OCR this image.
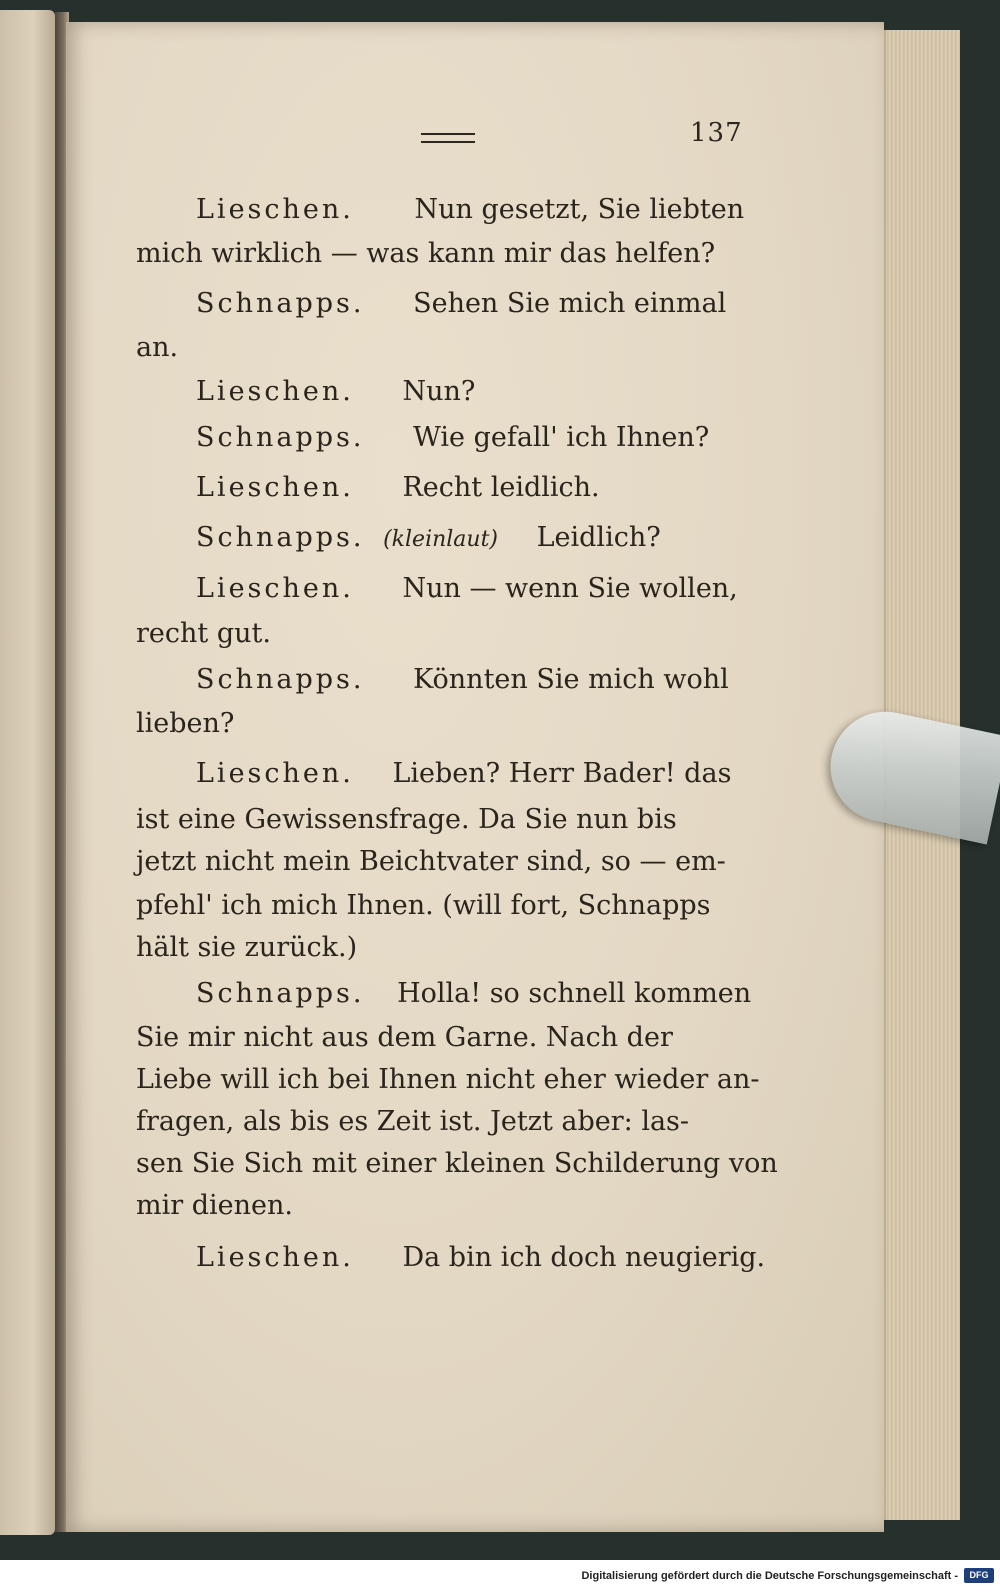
137
Lieschen. Nun gesetzt, Sie liebten
mich wirklich — was kann mir das helfen?
Schnapps. Sehen Sie mich einmal
an.
Lieschen. Nun?
Schnapps. Wie gefall' ich Ihnen?
Lieschen. Recht leidlich.
Schnapps. (kleinlaut) Leidlich?
Lieschen. Nun — wenn Sie wollen,
recht gut.
Schnapps. Könnten Sie mich wohl
lieben?
Lieschen. Lieben? Herr Bader! das
ist eine Gewissensfrage. Da Sie nun bis
jetzt nicht mein Beichtvater sind, so — em-
pfehl' ich mich Ihnen. (will fort, Schnapps
hält sie zurück.)
Schnapps. Holla! so schnell kommen
Sie mir nicht aus dem Garne. Nach der
Liebe will ich bei Ihnen nicht eher wieder an-
fragen, als bis es Zeit ist. Jetzt aber: las-
sen Sie Sich mit einer kleinen Schilderung von
mir dienen.
Lieschen. Da bin ich doch neugierig.
Digitalisierung gefördert durch die Deutsche Forschungsgemeinschaft -	DFG
